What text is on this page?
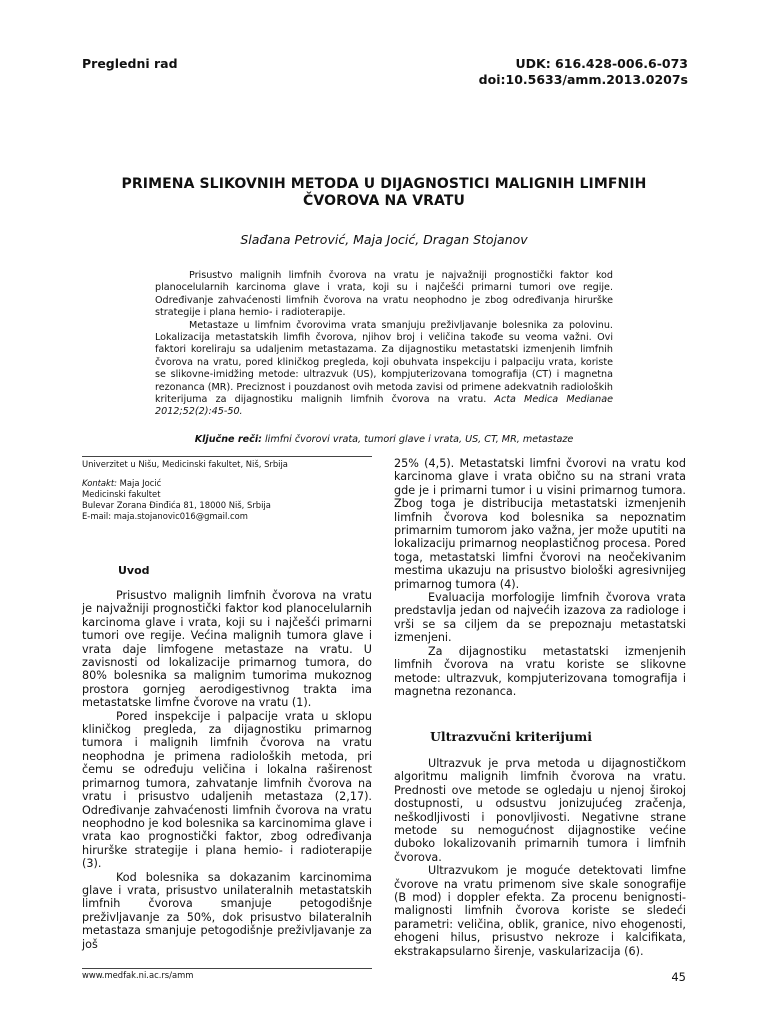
Pregledni rad	UDK: 616.428-006.6-073
doi:10.5633/amm.2013.0207s
PRIMENA SLIKOVNIH METODA U DIJAGNOSTICI MALIGNIH LIMFNIH
ČVOROVA NA VRATU
Slađana Petrović, Maja Jocić, Dragan Stojanov

Prisustvo malignih limfnih čvorova na vratu je najvažniji prognostički faktor kod planocelularnih karcinoma glave i vrata, koji su i najčešći primarni tumori ove regije. Određivanje zahvaćenosti limfnih čvorova na vratu neophodno je zbog određivanja hirurške strategije i plana hemio- i radioterapije.

Metastaze u limfnim čvorovima vrata smanjuju preživljavanje bolesnika za polovinu. Lokalizacija metastatskih limfih čvorova, njihov broj i veličina takođe su veoma važni. Ovi faktori koreliraju sa udaljenim metastazama. Za dijagnostiku metastatski izmenjenih limfnih čvorova na vratu, pored kliničkog pregleda, koji obuhvata inspekciju i palpaciju vrata, koriste se slikovne-imidžing metode: ultrazvuk (US), kompjuterizovana tomografija (CT) i magnetna rezonanca (MR). Preciznost i pouzdanost ovih metoda zavisi od primene adekvatnih radioloških kriterijuma za dijagnostiku malignih limfnih čvorova na vratu. Acta Medica Medianae 2012;52(2):45-50.

Ključne reči: limfni čvorovi vrata, tumori glave i vrata, US, CT, MR, metastaze
Univerzitet u Nišu, Medicinski fakultet, Niš, Srbija
Kontakt: Maja Jocić
Medicinski fakultet
Bulevar Zorana Đinđića 81, 18000 Niš, Srbija
E-mail: maja.stojanovic016@gmail.com
Uvod

Prisustvo malignih limfnih čvorova na vratu je najvažniji prognostički faktor kod planocelularnih karcinoma glave i vrata, koji su i najčešći primarni tumori ove regije. Većina malignih tumora glave i vrata daje limfogene metastaze na vratu. U zavisnosti od lokalizacije primarnog tumora, do 80% bolesnika sa malignim tumorima mukoznog prostora gornjeg aerodigestivnog trakta ima metastatske limfne čvorove na vratu (1).

Pored inspekcije i palpacije vrata u sklopu kliničkog pregleda, za dijagnostiku primarnog tumora i malignih limfnih čvorova na vratu neophodna je primena radioloških metoda, pri čemu se određuju veličina i lokalna raširenost primarnog tumora, zahvatanje limfnih čvorova na vratu i prisustvo udaljenih metastaza (2,17). Određivanje zahvaćenosti limfnih čvorova na vratu neophodno je kod bolesnika sa karcinomima glave i vrata kao prognostički faktor, zbog određivanja hirurške strategije i plana hemio- i radioterapije (3).

Kod bolesnika sa dokazanim karcinomima glave i vrata, prisustvo unilateralnih metastatskih limfnih čvorova smanjuje petogodišnje preživljavanje za 50%, dok prisustvo bilateralnih metastaza smanjuje petogodišnje preživljavanje za još

25% (4,5). Metastatski limfni čvorovi na vratu kod karcinoma glave i vrata obično su na strani vrata gde je i primarni tumor i u visini primarnog tumora. Zbog toga je distribucija metastatski izmenjenih limfnih čvorova kod bolesnika sa nepoznatim primarnim tumorom jako važna, jer može uputiti na lokalizaciju primarnog neoplastičnog procesa. Pored toga, metastatski limfni čvorovi na neočekivanim mestima ukazuju na prisustvo biološki agresivnijeg primarnog tumora (4).

Evaluacija morfologije limfnih čvorova vrata predstavlja jedan od najvećih izazova za radiologe i vrši se sa ciljem da se prepoznaju metastatski izmenjeni.

Za dijagnostiku metastatski izmenjenih limfnih čvorova na vratu koriste se slikovne metode: ultrazvuk, kompjuterizovana tomografija i magnetna rezonanca.

Ultrazvučni kriterijumi

Ultrazvuk je prva metoda u dijagnostičkom algoritmu malignih limfnih čvorova na vratu. Prednosti ove metode se ogledaju u njenoj širokoj dostupnosti, u odsustvu jonizujućeg zračenja, neškodljivosti i ponovljivosti. Negativne strane metode su nemogućnost dijagnostike većine duboko lokalizovanih primarnih tumora i limfnih čvorova.

Ultrazvukom je moguće detektovati limfne čvorove na vratu primenom sive skale sonografije (B mod) i doppler efekta. Za procenu benignosti-malignosti limfnih čvorova koriste se sledeći parametri: veličina, oblik, granice, nivo ehogenosti, ehogeni hilus, prisustvo nekroze i kalcifikata, ekstrakapsularno širenje, vaskularizacija (6).

www.medfak.ni.ac.rs/amm	45
